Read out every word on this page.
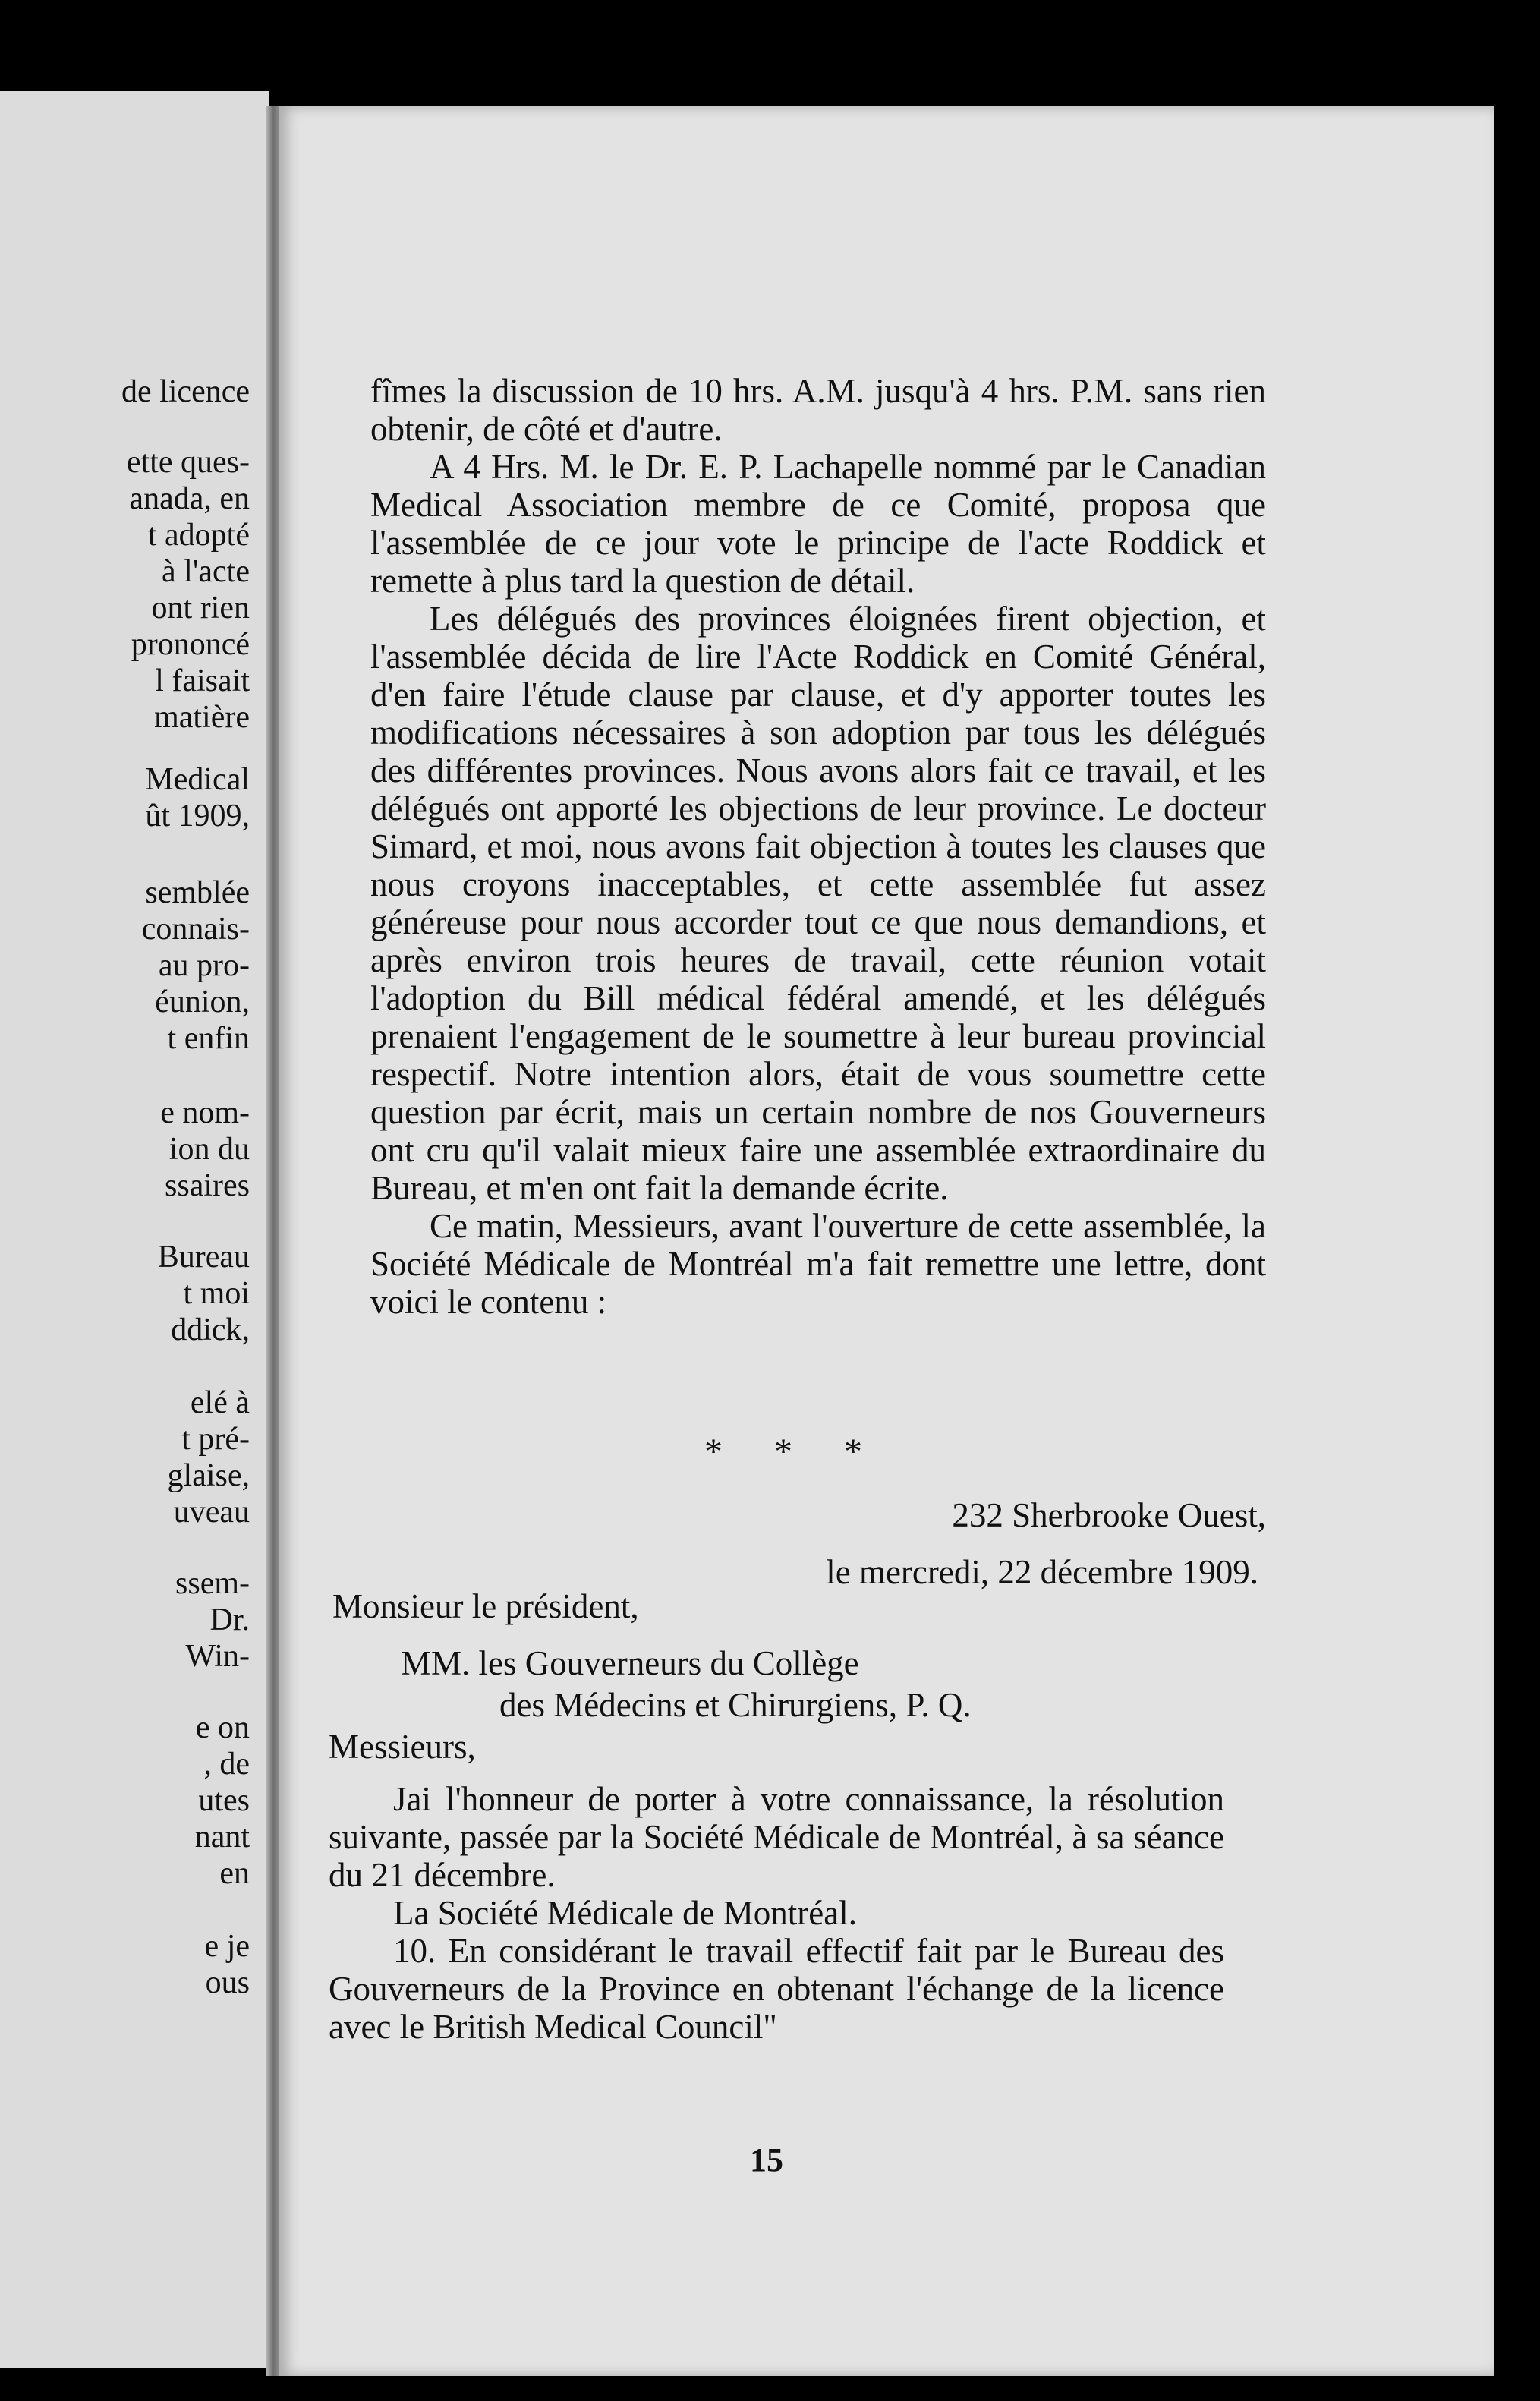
de licence
ette ques-
anada, en
t adopté
à l'acte
ont rien
prononcé
l faisait
matière
Medical
ût 1909,
semblée
connais-
au pro-
éunion,
t enfin
e nom-
ion du
ssaires
Bureau
t moi
ddick,
elé à
t pré-
glaise,
uveau
ssem-
Dr.
Win-
e on
, de
utes
nant
en
e je
ous

fîmes la discussion de 10 hrs. A.M. jusqu'à 4 hrs. P.M. sans rien obtenir, de côté et d'autre.

A 4 Hrs. M. le Dr. E. P. Lachapelle nommé par le Canadian Medical Association membre de ce Comité, proposa que l'assemblée de ce jour vote le principe de l'acte Roddick et remette à plus tard la question de détail.

Les délégués des provinces éloignées firent objection, et l'assemblée décida de lire l'Acte Roddick en Comité Général, d'en faire l'étude clause par clause, et d'y apporter toutes les modifications nécessaires à son adoption par tous les délégués des différentes provinces. Nous avons alors fait ce travail, et les délégués ont apporté les objections de leur province. Le docteur Simard, et moi, nous avons fait objection à toutes les clauses que nous croyons inacceptables, et cette assemblée fut assez généreuse pour nous accorder tout ce que nous demandions, et après environ trois heures de travail, cette réunion votait l'adoption du Bill médical fédéral amendé, et les délégués prenaient l'engagement de le soumettre à leur bureau provincial respectif. Notre intention alors, était de vous soumettre cette question par écrit, mais un certain nombre de nos Gouverneurs ont cru qu'il valait mieux faire une assemblée extraordinaire du Bureau, et m'en ont fait la demande écrite.

Ce matin, Messieurs, avant l'ouverture de cette assemblée, la Société Médicale de Montréal m'a fait remettre une lettre, dont voici le contenu :

* * *
232 Sherbrooke Ouest,
le mercredi, 22 décembre 1909.
Monsieur le président,
MM. les Gouverneurs du Collège
des Médecins et Chirurgiens, P. Q.
Messieurs,

Jai l'honneur de porter à votre connaissance, la résolution suivante, passée par la Société Médicale de Montréal, à sa séance du 21 décembre.

La Société Médicale de Montréal.

10. En considérant le travail effectif fait par le Bureau des Gouverneurs de la Province en obtenant l'échange de la licence avec le British Medical Council"

15
